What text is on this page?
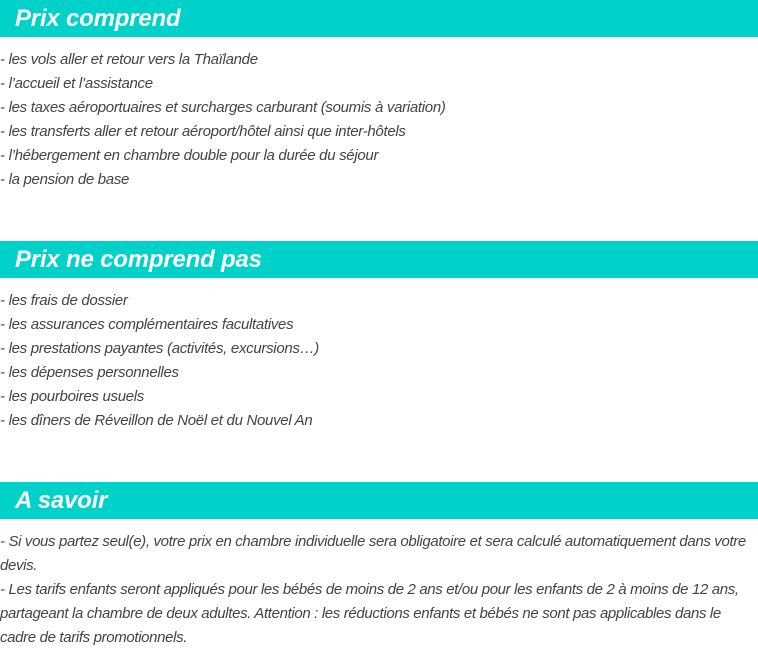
Prix comprend
- les vols aller et retour vers la Thaïlande
- l’accueil et l’assistance
- les taxes aéroportuaires et surcharges carburant (soumis à variation)
- les transferts aller et retour aéroport/hôtel ainsi que inter-hôtels
- l’hébergement en chambre double pour la durée du séjour
- la pension de base
Prix ne comprend pas
- les frais de dossier
- les assurances complémentaires facultatives
- les prestations payantes (activités, excursions…)
- les dépenses personnelles
- les pourboires usuels
- les dîners de Réveillon de Noël et du Nouvel An
A savoir

- Si vous partez seul(e), votre prix en chambre individuelle sera obligatoire et sera calculé automatiquement dans votre devis.

- Les tarifs enfants seront appliqués pour les bébés de moins de 2 ans et/ou pour les enfants de 2 à moins de 12 ans, partageant la chambre de deux adultes. Attention : les réductions enfants et bébés ne sont pas applicables dans le cadre de tarifs promotionnels.
